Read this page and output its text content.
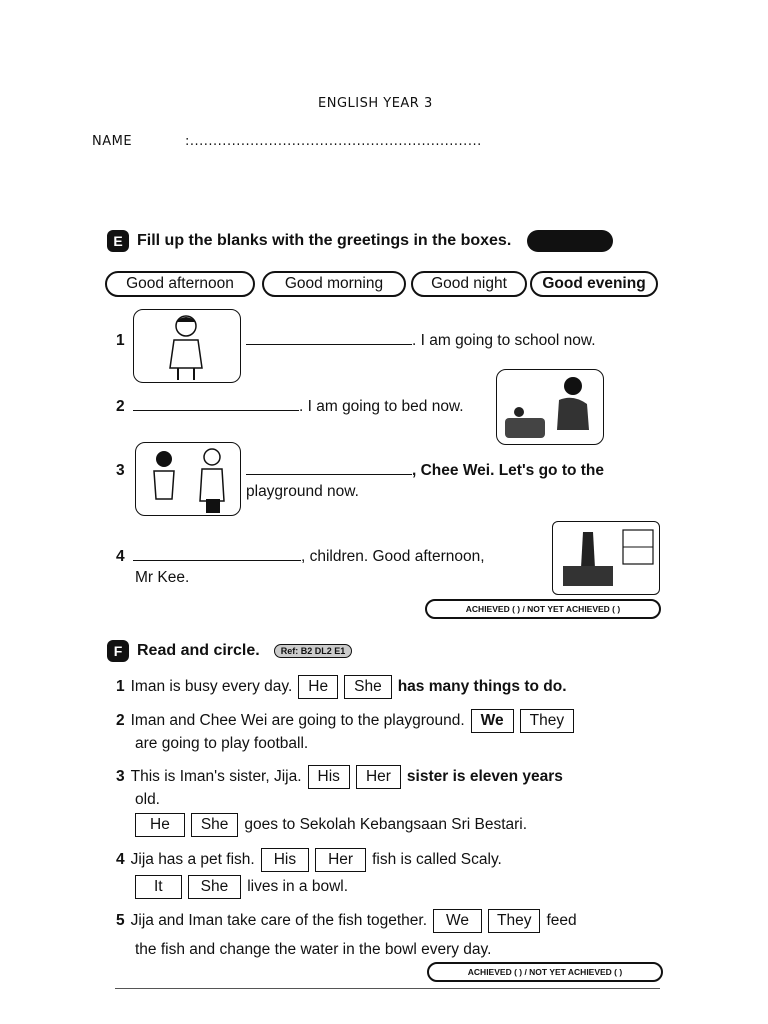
ENGLISH YEAR 3
NAME	:...............................................................
E Fill up the blanks with the greetings in the boxes.
Good afternoon	Good morning	Good night	Good evening
1	. I am going to school now.
2	. I am going to bed now.
3	, Chee Wei. Let's go to the
playground now.
4	, children. Good afternoon,
Mr Kee.
ACHIEVED ( ) / NOT YET ACHIEVED ( )
F Read and circle.	Ref: B2 DL2 E1
1 Iman is busy every day.	He	She	has many things to do.
2 Iman and Chee Wei are going to the playground.	We	They
are going to play football.
3 This is Iman's sister, Jija.	His	Her	sister is eleven years
old.
He	She	goes to Sekolah Kebangsaan Sri Bestari.
4 Jija has a pet fish.	His	Her	fish is called Scaly.
It	She	lives in a bowl.
5 Jija and Iman take care of the fish together.	We	They feed
the fish and change the water in the bowl every day.
ACHIEVED ( ) / NOT YET ACHIEVED ( )
